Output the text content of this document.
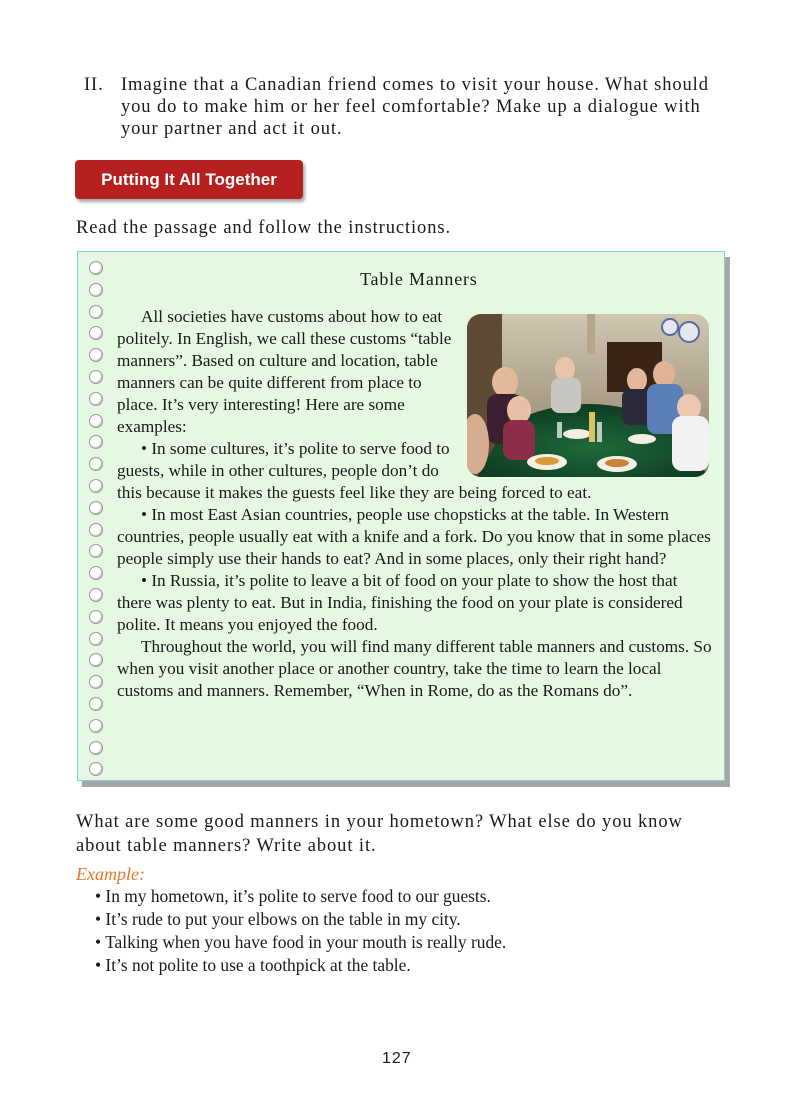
II. Imagine that a Canadian friend comes to visit your house. What should you do to make him or her feel comfortable? Make up a dialogue with your partner and act it out.
Putting It All Together
Read the passage and follow the instructions.
Table Manners

All societies have customs about how to eat politely. In English, we call these customs “table manners”. Based on culture and location, table manners can be quite different from place to place. It’s very interesting! Here are some examples:

• In some cultures, it’s polite to serve food to guests, while in other cultures, people don’t do this because it makes the guests feel like they are being forced to eat.

• In most East Asian countries, people use chopsticks at the table. In Western countries, people usually eat with a knife and a fork. Do you know that in some places people simply use their hands to eat? And in some places, only their right hand?

• In Russia, it’s polite to leave a bit of food on your plate to show the host that there was plenty to eat. But in India, finishing the food on your plate is considered polite. It means you enjoyed the food.

Throughout the world, you will find many different table manners and customs. So when you visit another place or another country, take the time to learn the local customs and manners. Remember, “When in Rome, do as the Romans do”.

What are some good manners in your hometown? What else do you know about table manners? Write about it.
Example:
• In my hometown, it’s polite to serve food to our guests.
• It’s rude to put your elbows on the table in my city.
• Talking when you have food in your mouth is really rude.
• It’s not polite to use a toothpick at the table.
127
